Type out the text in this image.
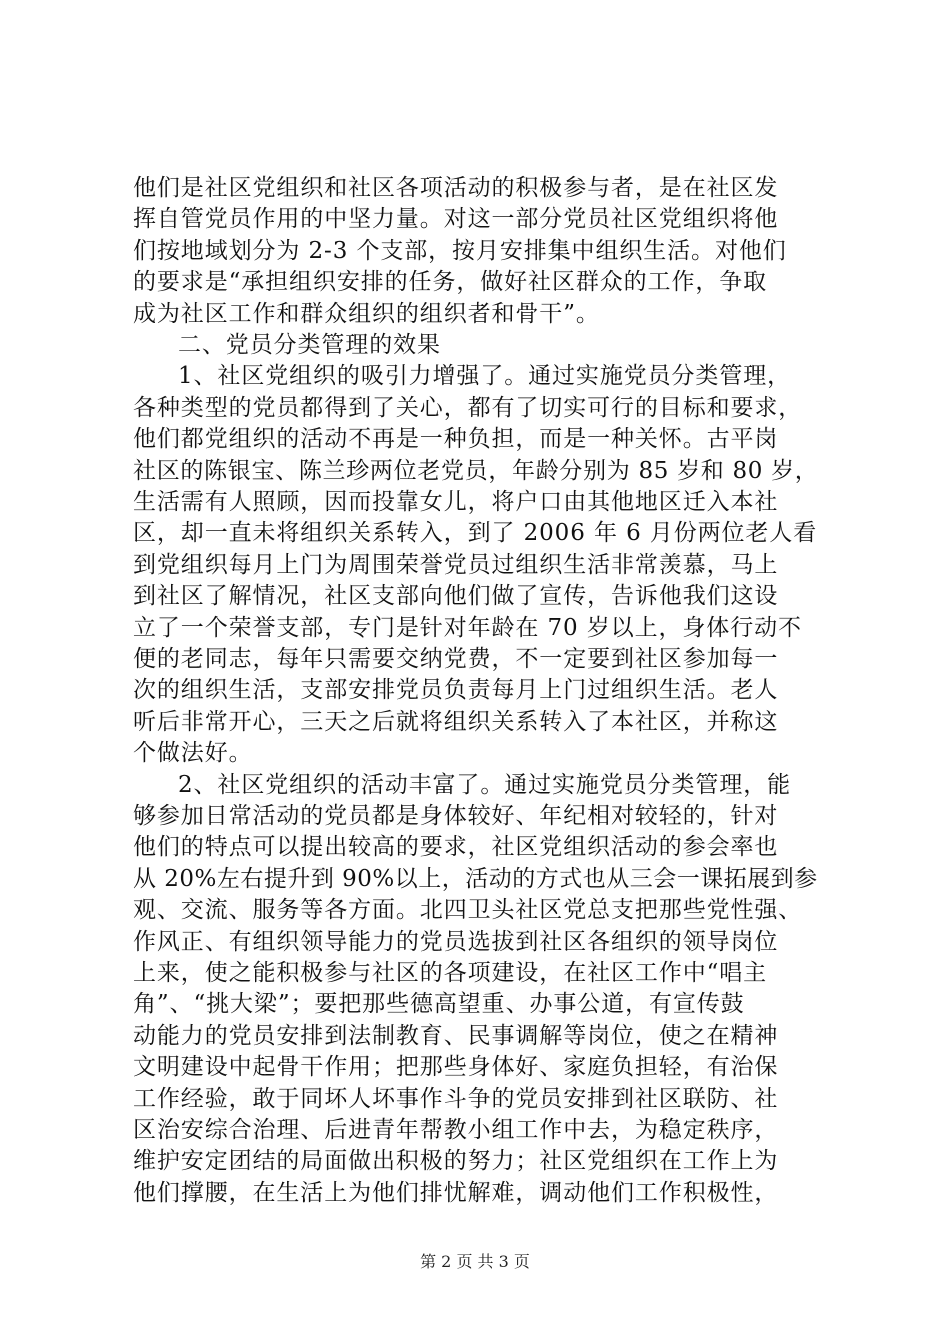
他们是社区党组织和社区各项活动的积极参与者，是在社区发
挥自管党员作用的中坚力量。对这一部分党员社区党组织将他
们按地域划分为 2-3 个支部，按月安排集中组织生活。对他们
的要求是“承担组织安排的任务，做好社区群众的工作，争取
成为社区工作和群众组织的组织者和骨干”。
二、党员分类管理的效果
1、社区党组织的吸引力增强了。通过实施党员分类管理，
各种类型的党员都得到了关心，都有了切实可行的目标和要求，
他们都党组织的活动不再是一种负担，而是一种关怀。古平岗
社区的陈银宝、陈兰珍两位老党员，年龄分别为 85 岁和 80 岁，
生活需有人照顾，因而投靠女儿，将户口由其他地区迁入本社
区，却一直未将组织关系转入，到了 2006 年 6 月份两位老人看
到党组织每月上门为周围荣誉党员过组织生活非常羡慕，马上
到社区了解情况，社区支部向他们做了宣传，告诉他我们这设
立了一个荣誉支部，专门是针对年龄在 70 岁以上，身体行动不
便的老同志，每年只需要交纳党费，不一定要到社区参加每一
次的组织生活，支部安排党员负责每月上门过组织生活。老人
听后非常开心，三天之后就将组织关系转入了本社区，并称这
个做法好。
2、社区党组织的活动丰富了。通过实施党员分类管理，能
够参加日常活动的党员都是身体较好、年纪相对较轻的，针对
他们的特点可以提出较高的要求，社区党组织活动的参会率也
从 20%左右提升到 90%以上，活动的方式也从三会一课拓展到参
观、交流、服务等各方面。北四卫头社区党总支把那些党性强、
作风正、有组织领导能力的党员选拔到社区各组织的领导岗位
上来，使之能积极参与社区的各项建设，在社区工作中“唱主
角”、“挑大梁”；要把那些德高望重、办事公道，有宣传鼓
动能力的党员安排到法制教育、民事调解等岗位，使之在精神
文明建设中起骨干作用；把那些身体好、家庭负担轻，有治保
工作经验，敢于同坏人坏事作斗争的党员安排到社区联防、社
区治安综合治理、后进青年帮教小组工作中去，为稳定秩序，
维护安定团结的局面做出积极的努力；社区党组织在工作上为
他们撑腰，在生活上为他们排忧解难，调动他们工作积极性，
第 2 页 共 3 页
